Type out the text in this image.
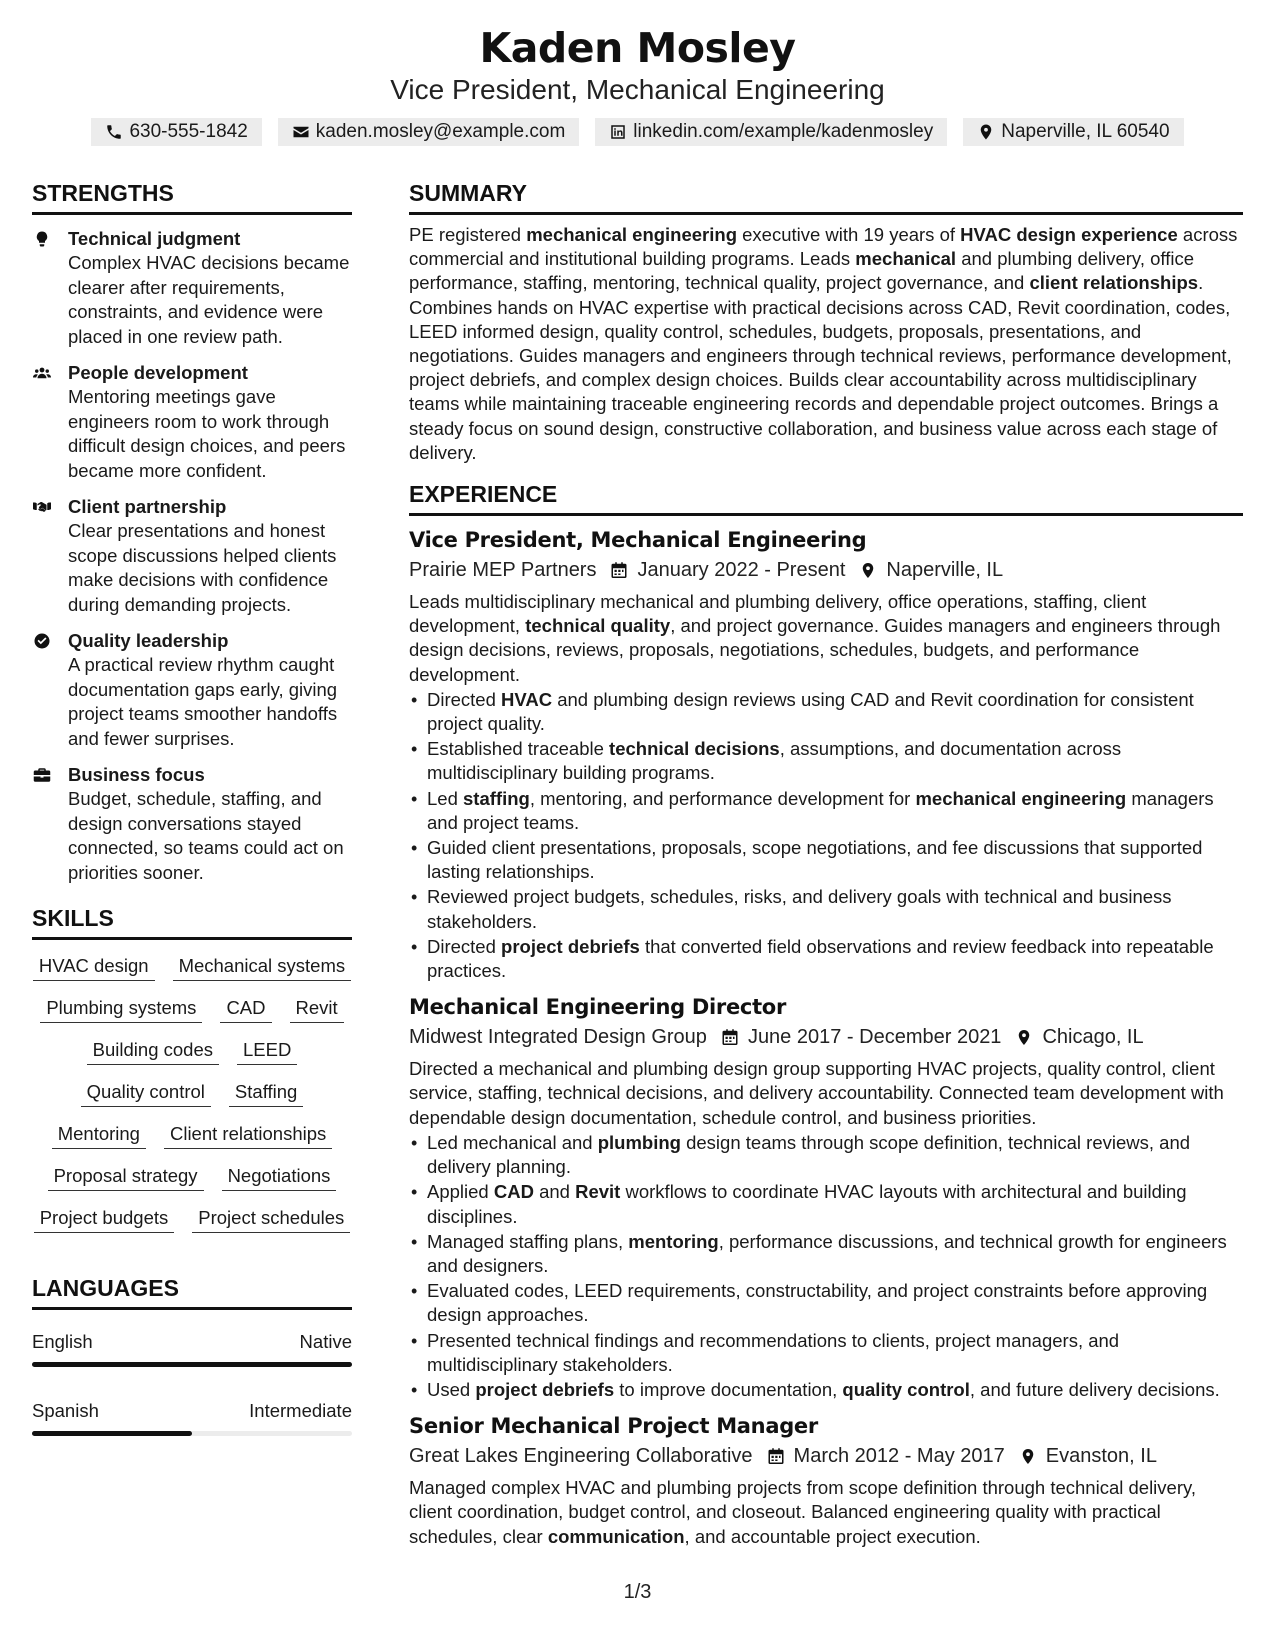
Kaden Mosley
Vice President, Mechanical Engineering
630-555-1842	kaden.mosley@example.com	linkedin.com/example/kadenmosley	Naperville, IL 60540
STRENGTHS
Technical judgment
Complex HVAC decisions became clearer after requirements, constraints, and evidence were placed in one review path.
People development
Mentoring meetings gave engineers room to work through difficult design choices, and peers became more confident.
Client partnership
Clear presentations and honest scope discussions helped clients make decisions with confidence during demanding projects.
Quality leadership
A practical review rhythm caught documentation gaps early, giving project teams smoother handoffs and fewer surprises.
Business focus
Budget, schedule, staffing, and design conversations stayed connected, so teams could act on priorities sooner.
SKILLS
HVAC design	Mechanical systems
Plumbing systems	CAD	Revit
Building codes	LEED
Quality control	Staffing
Mentoring	Client relationships
Proposal strategy	Negotiations
Project budgets	Project schedules
LANGUAGES
English	Native
Spanish	Intermediate
SUMMARY
PE registered mechanical engineering executive with 19 years of HVAC design experience across commercial and institutional building programs. Leads mechanical and plumbing delivery, office performance, staffing, mentoring, technical quality, project governance, and client relationships. Combines hands on HVAC expertise with practical decisions across CAD, Revit coordination, codes, LEED informed design, quality control, schedules, budgets, proposals, presentations, and negotiations. Guides managers and engineers through technical reviews, performance development, project debriefs, and complex design choices. Builds clear accountability across multidisciplinary teams while maintaining traceable engineering records and dependable project outcomes. Brings a steady focus on sound design, constructive collaboration, and business value across each stage of delivery.
EXPERIENCE
Vice President, Mechanical Engineering
Prairie MEP Partners January 2022 - Present Naperville, IL
Leads multidisciplinary mechanical and plumbing delivery, office operations, staffing, client development, technical quality, and project governance. Guides managers and engineers through design decisions, reviews, proposals, negotiations, schedules, budgets, and performance development.
• Directed HVAC and plumbing design reviews using CAD and Revit coordination for consistent project quality.
• Established traceable technical decisions, assumptions, and documentation across multidisciplinary building programs.
• Led staffing, mentoring, and performance development for mechanical engineering managers and project teams.
• Guided client presentations, proposals, scope negotiations, and fee discussions that supported lasting relationships.
• Reviewed project budgets, schedules, risks, and delivery goals with technical and business stakeholders.
• Directed project debriefs that converted field observations and review feedback into repeatable practices.
Mechanical Engineering Director
Midwest Integrated Design Group June 2017 - December 2021 Chicago, IL
Directed a mechanical and plumbing design group supporting HVAC projects, quality control, client service, staffing, technical decisions, and delivery accountability. Connected team development with dependable design documentation, schedule control, and business priorities.
• Led mechanical and plumbing design teams through scope definition, technical reviews, and delivery planning.
• Applied CAD and Revit workflows to coordinate HVAC layouts with architectural and building disciplines.
• Managed staffing plans, mentoring, performance discussions, and technical growth for engineers and designers.
• Evaluated codes, LEED requirements, constructability, and project constraints before approving design approaches.
• Presented technical findings and recommendations to clients, project managers, and multidisciplinary stakeholders.
• Used project debriefs to improve documentation, quality control, and future delivery decisions.
Senior Mechanical Project Manager
Great Lakes Engineering Collaborative March 2012 - May 2017 Evanston, IL
Managed complex HVAC and plumbing projects from scope definition through technical delivery, client coordination, budget control, and closeout. Balanced engineering quality with practical schedules, clear communication, and accountable project execution.
1/3
